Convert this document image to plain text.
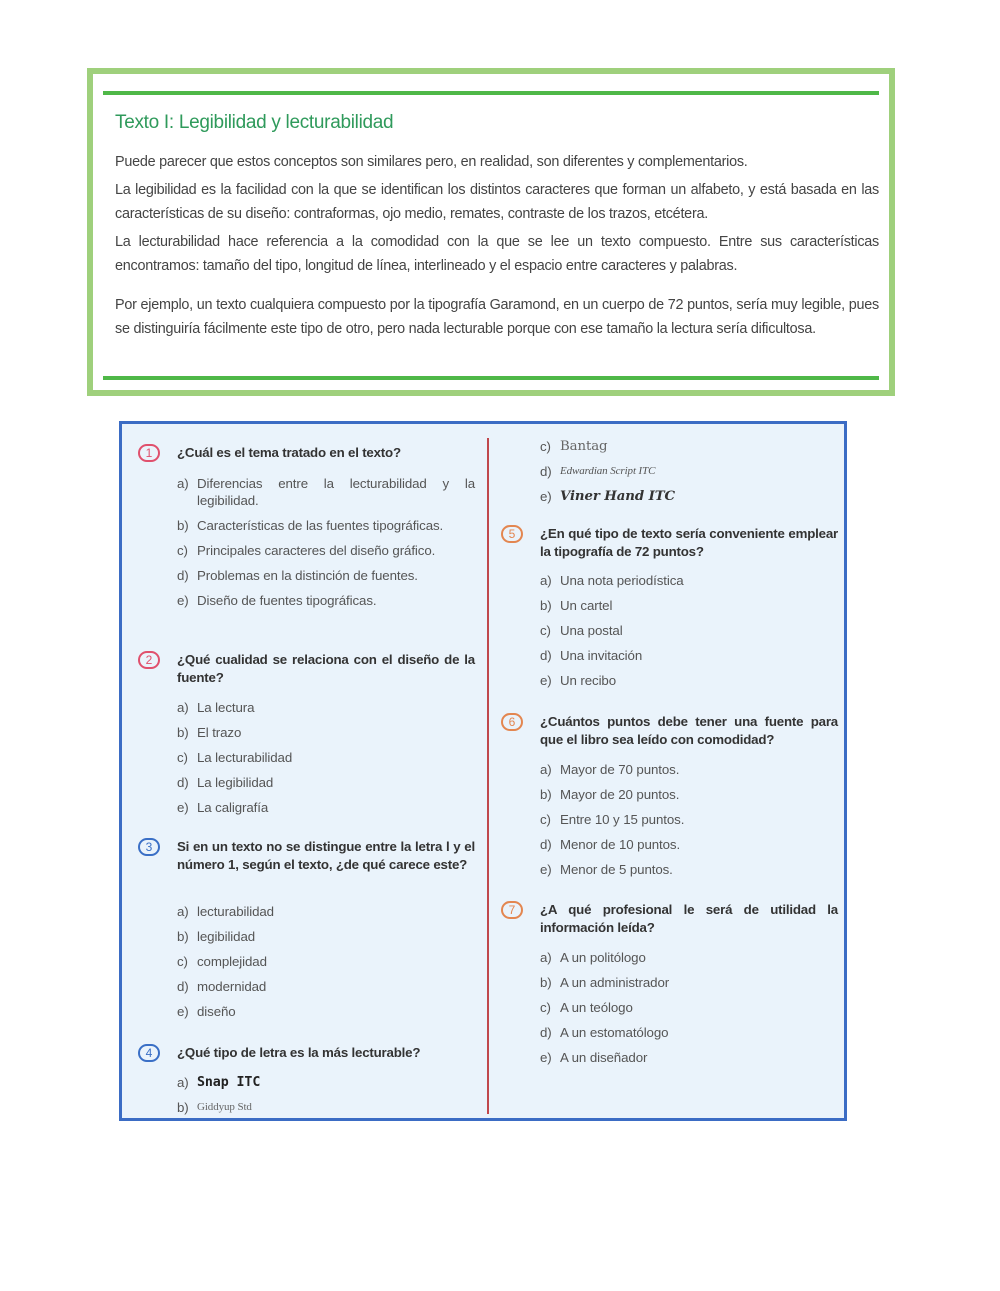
Texto I: Legibilidad y lecturabilidad

Puede parecer que estos conceptos son similares pero, en realidad, son diferentes y complementarios.

La legibilidad es la facilidad con la que se identifican los distintos caracteres que forman un alfabeto, y está basada en las características de su diseño: contraformas, ojo medio, remates, contraste de los trazos, etcétera.

La lecturabilidad hace referencia a la comodidad con la que se lee un texto compuesto. Entre sus características encontramos: tamaño del tipo, longitud de línea, interlineado y el espacio entre caracteres y palabras.

Por ejemplo, un texto cualquiera compuesto por la tipografía Garamond, en un cuerpo de 72 puntos, sería muy legible, pues se distinguiría fácilmente este tipo de otro, pero nada lecturable porque con ese tamaño la lectura sería dificultosa.

1	¿Cuál es el tema tratado en el texto?

a) Diferencias entre la lecturabilidad y la legibilidad.
b) Características de las fuentes tipográficas.
c) Principales caracteres del diseño gráfico.
d) Problemas en la distinción de fuentes.
e) Diseño de fuentes tipográficas.
2	¿Qué cualidad se relaciona con el diseño de la fuente?

a) La lectura
b) El trazo
c) La lecturabilidad
d) La legibilidad
e) La caligrafía
3	Si en un texto no se distingue entre la letra l y el número 1, según el texto, ¿de qué carece este?

a) lecturabilidad
b) legibilidad
c) complejidad
d) modernidad
e) diseño
4	¿Qué tipo de letra es la más lecturable?

a) Snap ITC
b) Giddyup Std
c) Bantag
d) Edwardian Script ITC
e) Viner Hand ITC
5	¿En qué tipo de texto sería conveniente emplear la tipografía de 72 puntos?

a) Una nota periodística
b) Un cartel
c) Una postal
d) Una invitación
e) Un recibo
6	¿Cuántos puntos debe tener una fuente para que el libro sea leído con comodidad?

a) Mayor de 70 puntos.
b) Mayor de 20 puntos.
c) Entre 10 y 15 puntos.
d) Menor de 10 puntos.
e) Menor de 5 puntos.
7	¿A qué profesional le será de utilidad la información leída?

a) A un politólogo
b) A un administrador
c) A un teólogo
d) A un estomatólogo
e) A un diseñador
